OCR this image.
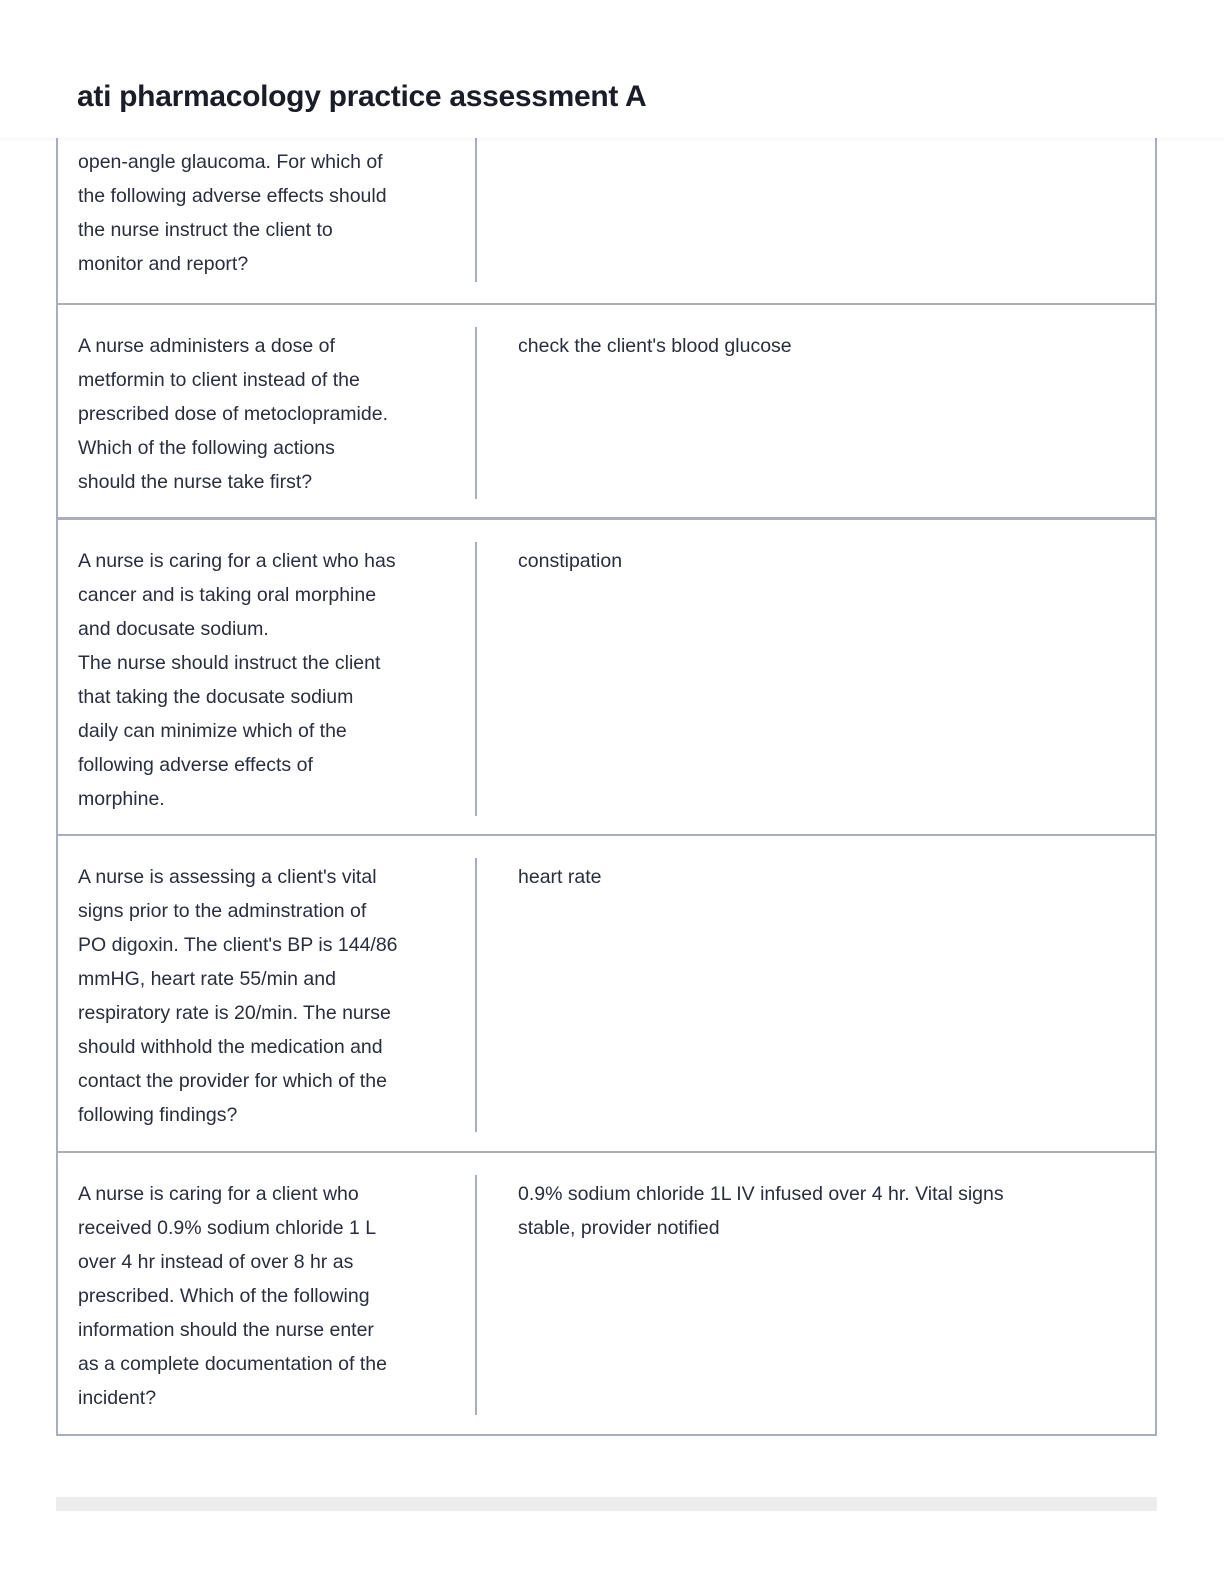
ati pharmacology practice assessment A
open-angle glaucoma. For which of
the following adverse effects should
the nurse instruct the client to
monitor and report?
A nurse administers a dose of
metformin to client instead of the
prescribed dose of metoclopramide.
Which of the following actions
should the nurse take first?
check the client's blood glucose
A nurse is caring for a client who has
cancer and is taking oral morphine
and docusate sodium.
The nurse should instruct the client
that taking the docusate sodium
daily can minimize which of the
following adverse effects of
morphine.
constipation
A nurse is assessing a client's vital
signs prior to the adminstration of
PO digoxin. The client's BP is 144/86
mmHG, heart rate 55/min and
respiratory rate is 20/min. The nurse
should withhold the medication and
contact the provider for which of the
following findings?
heart rate
A nurse is caring for a client who
received 0.9% sodium chloride 1 L
over 4 hr instead of over 8 hr as
prescribed. Which of the following
information should the nurse enter
as a complete documentation of the
incident?
0.9% sodium chloride 1L IV infused over 4 hr. Vital signs
stable, provider notified
